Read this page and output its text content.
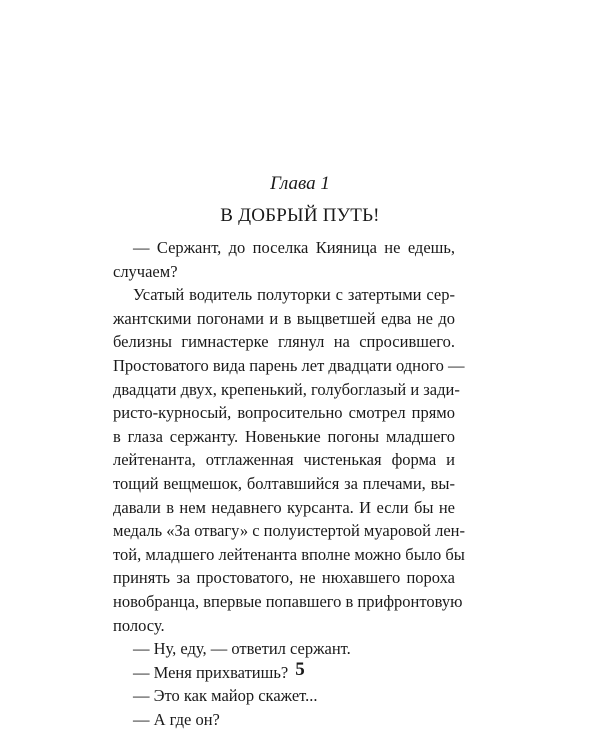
Глава 1
В ДОБРЫЙ ПУТЬ!
— Сержант, до поселка Кияница не едешь,
случаем?
Усатый водитель полуторки с затертыми сер-
жантскими погонами и в выцветшей едва не до
белизны гимнастерке глянул на спросившего.
Простоватого вида парень лет двадцати одного —
двадцати двух, крепенький, голубоглазый и зади-
ристо-курносый, вопросительно смотрел прямо
в глаза сержанту. Новенькие погоны младшего
лейтенанта, отглаженная чистенькая форма и
тощий вещмешок, болтавшийся за плечами, вы-
давали в нем недавнего курсанта. И если бы не
медаль «За отвагу» с полуистертой муаровой лен-
той, младшего лейтенанта вполне можно было бы
принять за простоватого, не нюхавшего пороха
новобранца, впервые попавшего в прифронтовую
полосу.
— Ну, еду, — ответил сержант.
— Меня прихватишь?
— Это как майор скажет...
— А где он?
5
